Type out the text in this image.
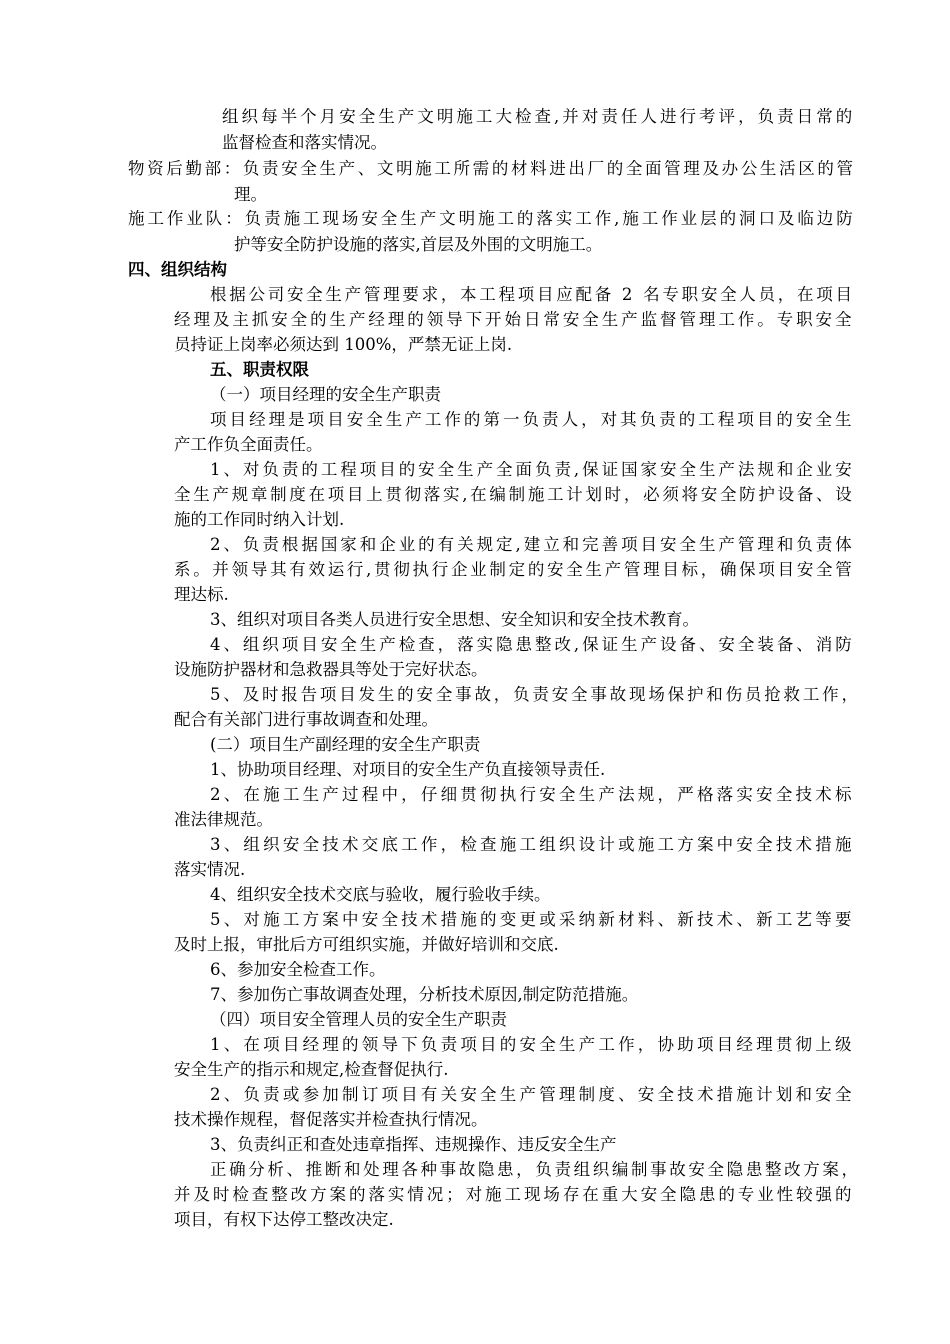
组织每半个月安全生产文明施工大检查,并对责任人进行考评，负责日常的
监督检查和落实情况。
物资后勤部：负责安全生产、文明施工所需的材料进出厂的全面管理及办公生活区的管
理。
施工作业队：负责施工现场安全生产文明施工的落实工作,施工作业层的洞口及临边防
护等安全防护设施的落实,首层及外围的文明施工。
四、组织结构
根据公司安全生产管理要求，本工程项目应配备 2 名专职安全人员，在项目
经理及主抓安全的生产经理的领导下开始日常安全生产监督管理工作。专职安全
员持证上岗率必须达到 100%，严禁无证上岗.
五、职责权限
（一）项目经理的安全生产职责
项目经理是项目安全生产工作的第一负责人，对其负责的工程项目的安全生
产工作负全面责任。
1、对负责的工程项目的安全生产全面负责,保证国家安全生产法规和企业安
全生产规章制度在项目上贯彻落实,在编制施工计划时，必须将安全防护设备、设
施的工作同时纳入计划.
2、负责根据国家和企业的有关规定,建立和完善项目安全生产管理和负责体
系。并领导其有效运行,贯彻执行企业制定的安全生产管理目标，确保项目安全管
理达标.
3、组织对项目各类人员进行安全思想、安全知识和安全技术教育。
4、组织项目安全生产检查，落实隐患整改,保证生产设备、安全装备、消防
设施防护器材和急救器具等处于完好状态。
5、及时报告项目发生的安全事故，负责安全事故现场保护和伤员抢救工作，
配合有关部门进行事故调查和处理。
(二）项目生产副经理的安全生产职责
1、协助项目经理、对项目的安全生产负直接领导责任.
2、在施工生产过程中，仔细贯彻执行安全生产法规，严格落实安全技术标
准法律规范。
3、组织安全技术交底工作，检查施工组织设计或施工方案中安全技术措施
落实情况.
4、组织安全技术交底与验收，履行验收手续。
5、对施工方案中安全技术措施的变更或采纳新材料、新技术、新工艺等要
及时上报，审批后方可组织实施，并做好培训和交底.
6、参加安全检查工作。
7、参加伤亡事故调查处理，分析技术原因,制定防范措施。
（四）项目安全管理人员的安全生产职责
1、在项目经理的领导下负责项目的安全生产工作，协助项目经理贯彻上级
安全生产的指示和规定,检查督促执行.
2、负责或参加制订项目有关安全生产管理制度、安全技术措施计划和安全
技术操作规程，督促落实并检查执行情况。
3、负责纠正和查处违章指挥、违规操作、违反安全生产
正确分析、推断和处理各种事故隐患，负责组织编制事故安全隐患整改方案，
并及时检查整改方案的落实情况；对施工现场存在重大安全隐患的专业性较强的
项目，有权下达停工整改决定.
